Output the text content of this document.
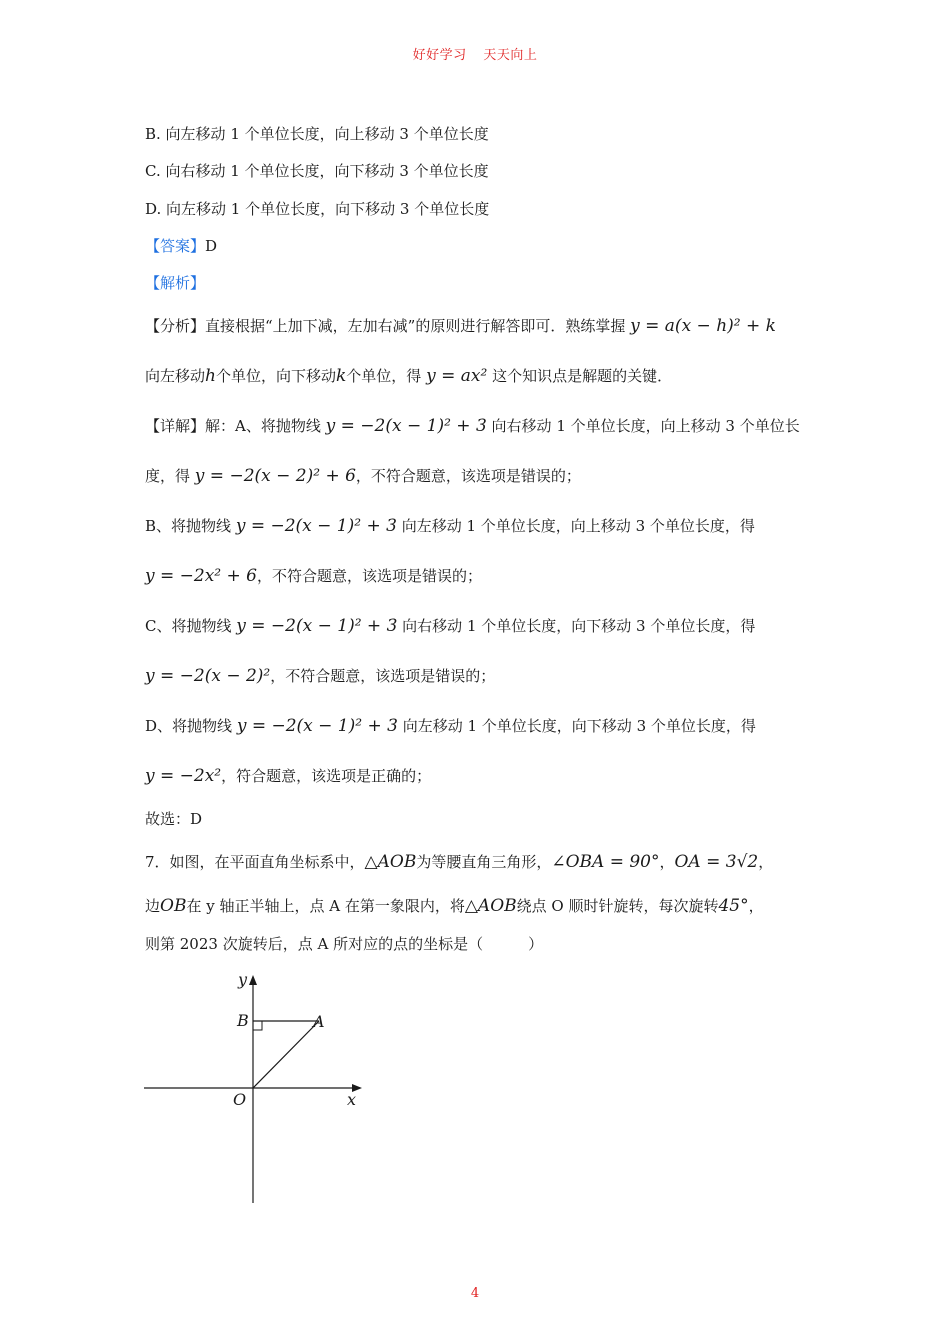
好好学习 天天向上
B. 向左移动 1 个单位长度，向上移动 3 个单位长度
C. 向右移动 1 个单位长度，向下移动 3 个单位长度
D. 向左移动 1 个单位长度，向下移动 3 个单位长度
【答案】D
【解析】
【分析】直接根据“上加下减，左加右减”的原则进行解答即可．熟练掌握 y = a(x − h)² + k
向左移动h个单位，向下移动k个单位，得 y = ax² 这个知识点是解题的关键．
【详解】解：A、将抛物线 y = −2(x − 1)² + 3 向右移动 1 个单位长度，向上移动 3 个单位长
度，得 y = −2(x − 2)² + 6，不符合题意，该选项是错误的；
B、将抛物线 y = −2(x − 1)² + 3 向左移动 1 个单位长度，向上移动 3 个单位长度，得
y = −2x² + 6，不符合题意，该选项是错误的；
C、将抛物线 y = −2(x − 1)² + 3 向右移动 1 个单位长度，向下移动 3 个单位长度，得
y = −2(x − 2)²，不符合题意，该选项是错误的；
D、将抛物线 y = −2(x − 1)² + 3 向左移动 1 个单位长度，向下移动 3 个单位长度，得
y = −2x²，符合题意，该选项是正确的；
故选：D
7．如图，在平面直角坐标系中，△AOB为等腰直角三角形，∠OBA = 90°，OA = 3√2，
边OB在 y 轴正半轴上，点 A 在第一象限内，将△AOB绕点 O 顺时针旋转，每次旋转45°，
则第 2023 次旋转后，点 A 所对应的点的坐标是（　　　）
y
x
B	A
O
4
